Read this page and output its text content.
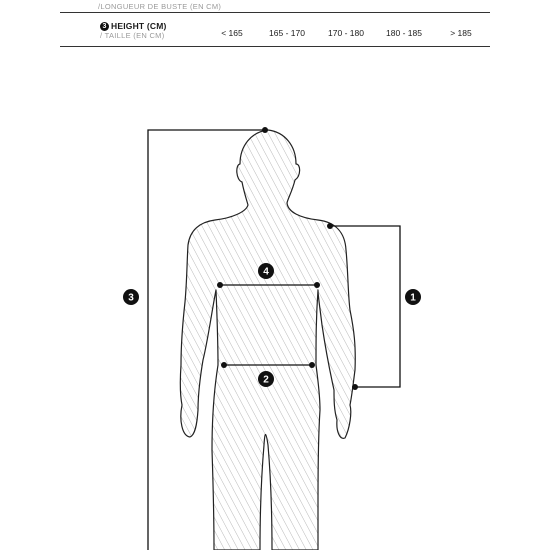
/LONGUEUR DE BUSTE (EN CM)
3 HEIGHT (CM)
/ TAILLE (EN CM)	< 165	165 - 170	170 - 180	180 - 185	> 185
3	1
4
2
